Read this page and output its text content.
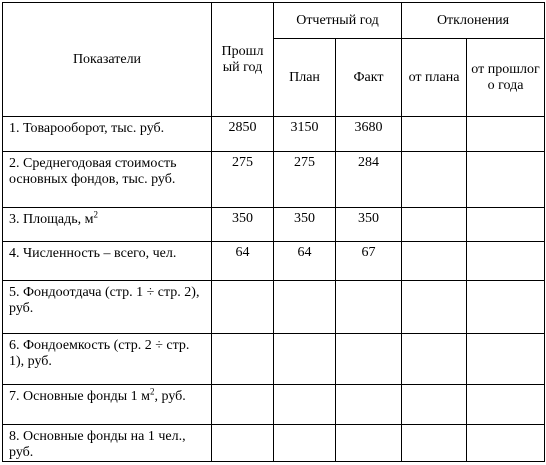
Показатели	Прошл ый год	Отчетный год		Отклонения	
		План	Факт	от плана	от прошлог о года
1. Товарооборот, тыс. руб.	2850	3150	3680		
2. Среднегодовая стоимость основных фондов, тыс. руб.	275	275	284		
3. Площадь, $м^2$	350	350	350		
4. Численность – всего, чел.	64	64	67		
5. Фондоотдача (стр. 1 ÷ стр. 2), руб.					
6. Фондоемкость (стр. 2 ÷ стр. 1), руб.					
7. Основные фонды 1 $м^2$, руб.					
8. Основные фонды на 1 чел., руб.					
